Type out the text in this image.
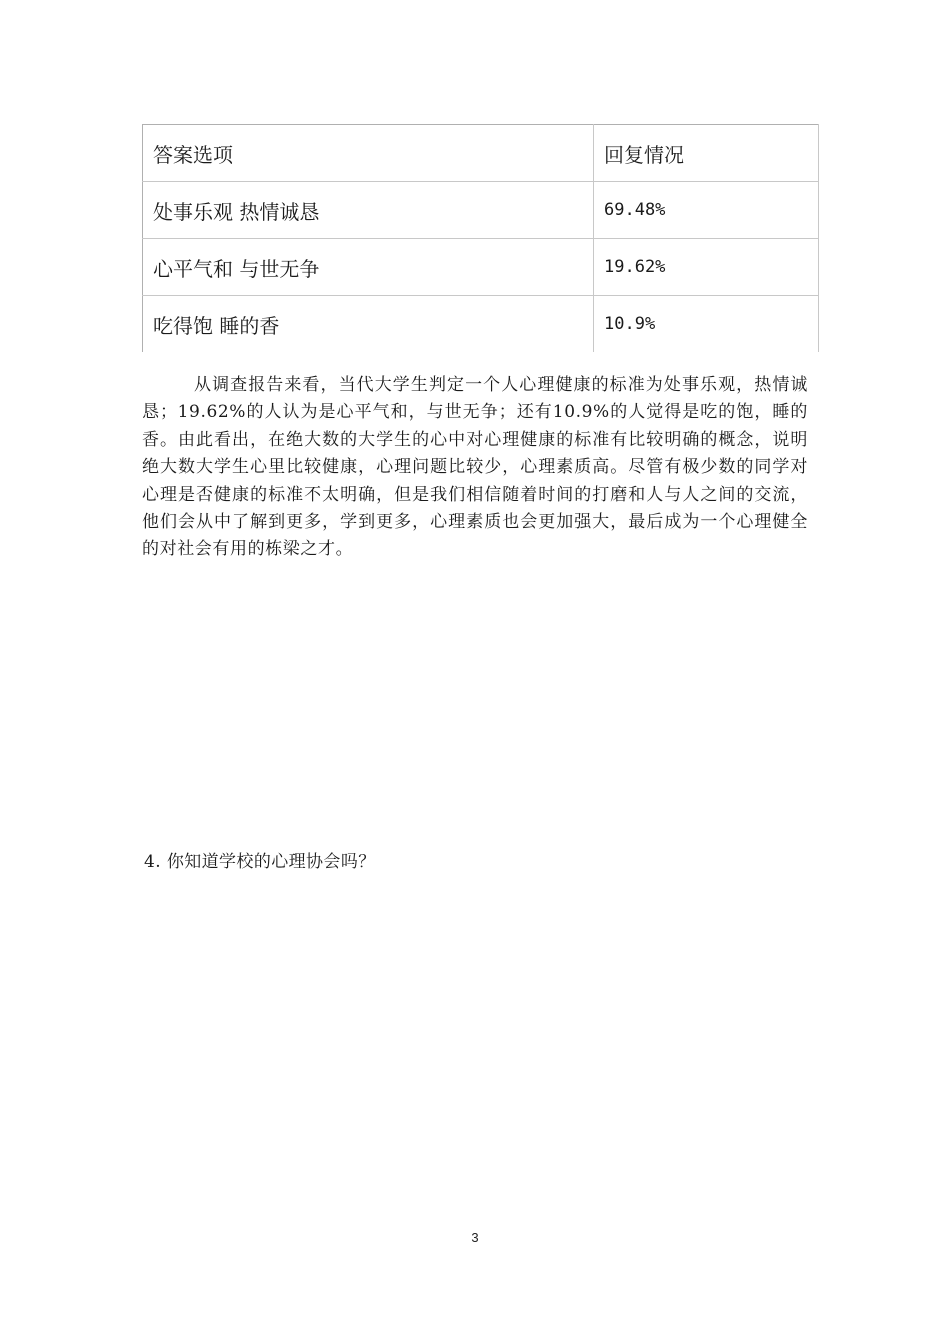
答案选项	回复情况
处事乐观 热情诚恳	69.48%
心平气和 与世无争	19.62%
吃得饱 睡的香	10.9%

从调查报告来看，当代大学生判定一个人心理健康的标准为处事乐观，热情诚恳；19.62%的人认为是心平气和，与世无争；还有10.9%的人觉得是吃的饱，睡的香。由此看出，在绝大数的大学生的心中对心理健康的标准有比较明确的概念，说明绝大数大学生心里比较健康，心理问题比较少，心理素质高。尽管有极少数的同学对心理是否健康的标准不太明确，但是我们相信随着时间的打磨和人与人之间的交流，他们会从中了解到更多，学到更多，心理素质也会更加强大，最后成为一个心理健全的对社会有用的栋梁之才。

4. 你知道学校的心理协会吗？

3
